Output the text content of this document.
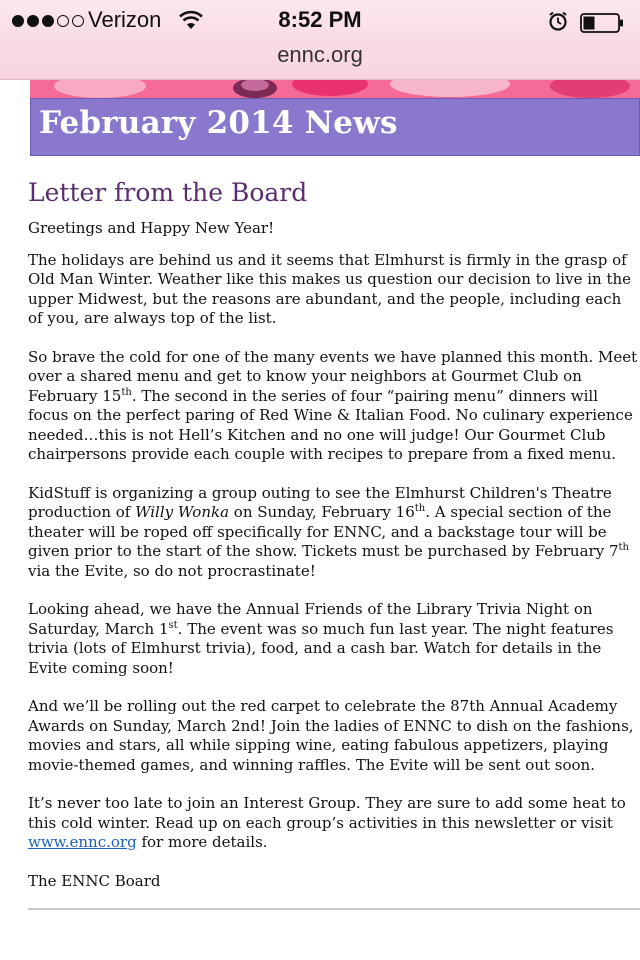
Verizon	8:52 PM
ennc.org
February 2014 News
Letter from the Board

Greetings and Happy New Year!

The holidays are behind us and it seems that Elmhurst is firmly in the grasp of Old Man Winter. Weather like this makes us question our decision to live in the upper Midwest, but the reasons are abundant, and the people, including each of you, are always top of the list.

So brave the cold for one of the many events we have planned this month. Meet over a shared menu and get to know your neighbors at Gourmet Club on February 15th. The second in the series of four “pairing menu” dinners will focus on the perfect paring of Red Wine & Italian Food. No culinary experience needed…this is not Hell’s Kitchen and no one will judge! Our Gourmet Club chairpersons provide each couple with recipes to prepare from a fixed menu.

KidStuff is organizing a group outing to see the Elmhurst Children's Theatre production of Willy Wonka on Sunday, February 16th. A special section of the theater will be roped off specifically for ENNC, and a backstage tour will be given prior to the start of the show. Tickets must be purchased by February 7th via the Evite, so do not procrastinate!

Looking ahead, we have the Annual Friends of the Library Trivia Night on Saturday, March 1st. The event was so much fun last year. The night features trivia (lots of Elmhurst trivia), food, and a cash bar. Watch for details in the Evite coming soon!

And we’ll be rolling out the red carpet to celebrate the 87th Annual Academy Awards on Sunday, March 2nd! Join the ladies of ENNC to dish on the fashions, movies and stars, all while sipping wine, eating fabulous appetizers, playing movie-themed games, and winning raffles. The Evite will be sent out soon.

It’s never too late to join an Interest Group. They are sure to add some heat to this cold winter. Read up on each group’s activities in this newsletter or visit www.ennc.org for more details.

The ENNC Board
